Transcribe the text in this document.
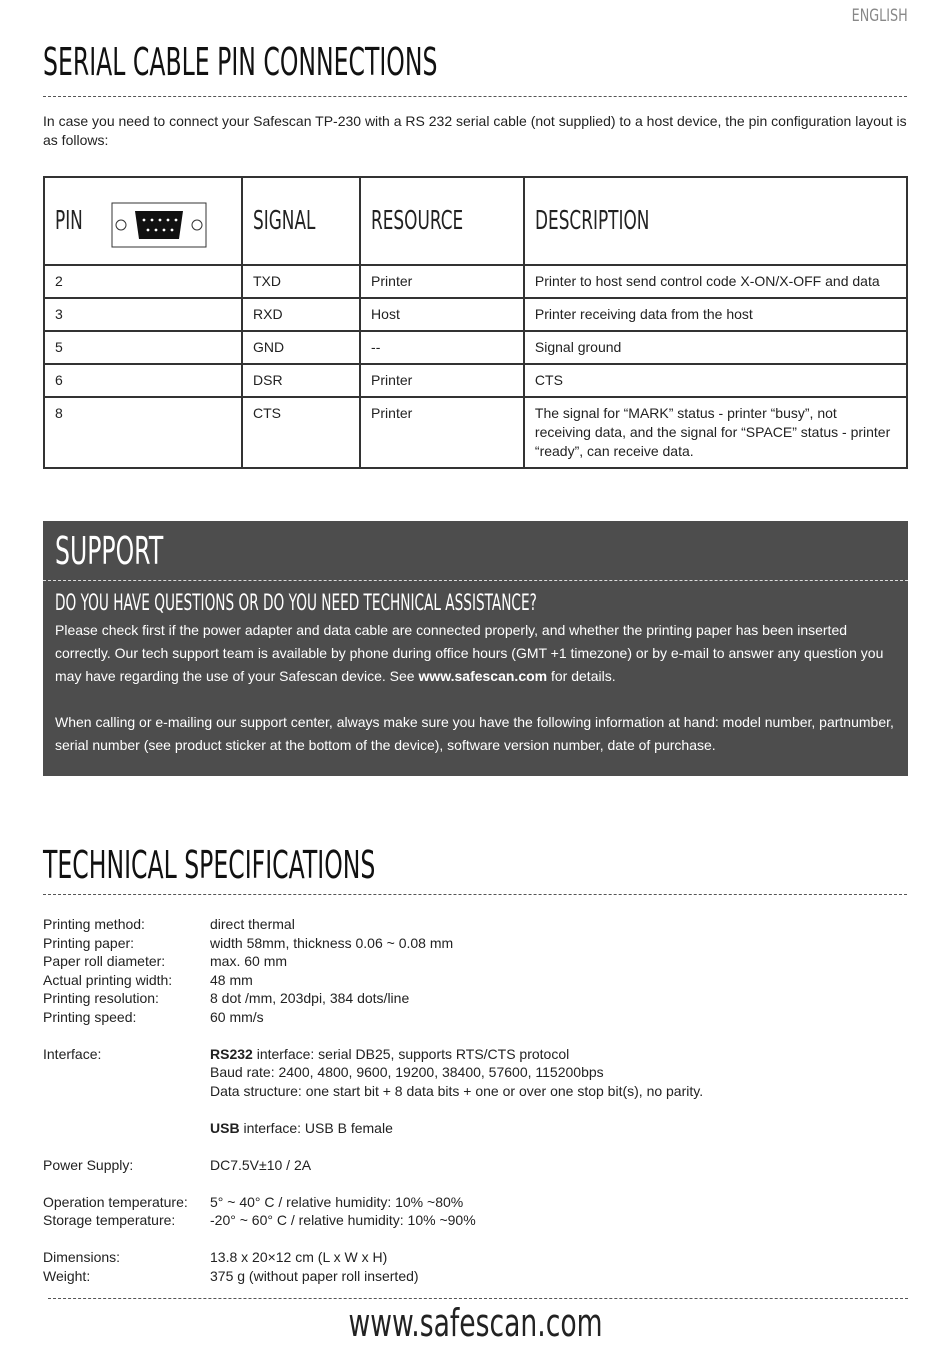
ENGLISH
SERIAL CABLE PIN CONNECTIONS
In case you need to connect your Safescan TP-230 with a RS 232 serial cable (not supplied) to a host device, the pin configuration layout is as follows:
PIN	SIGNAL	RESOURCE	DESCRIPTION
2	TXD	Printer	Printer to host send control code X-ON/X-OFF and data
3	RXD	Host	Printer receiving data from the host
5	GND	--	Signal ground
6	DSR	Printer	CTS
8	CTS	Printer	The signal for “MARK” status - printer “busy”, not receiving data, and the signal for “SPACE” status - printer “ready”, can receive data.
SUPPORT
DO YOU HAVE QUESTIONS OR DO YOU NEED TECHNICAL ASSISTANCE?
Please check first if the power adapter and data cable are connected properly, and whether the printing paper has been inserted correctly. Our tech support team is available by phone during office hours (GMT +1 timezone) or by e-mail to answer any question you may have regarding the use of your Safescan device. See www.safescan.com for details.
When calling or e-mailing our support center, always make sure you have the following information at hand: model number, partnumber, serial number (see product sticker at the bottom of the device), software version number, date of purchase.
TECHNICAL SPECIFICATIONS
Printing method:	direct thermal
Printing paper:	width 58mm, thickness 0.06 ~ 0.08 mm
Paper roll diameter:	max. 60 mm
Actual printing width:	48 mm
Printing resolution:	8 dot /mm, 203dpi, 384 dots/line
Printing speed:	60 mm/s
Interface:	RS232 interface: serial DB25, supports RTS/CTS protocol
Baud rate: 2400, 4800, 9600, 19200, 38400, 57600, 115200bps
Data structure: one start bit + 8 data bits + one or over one stop bit(s), no parity.
USB interface: USB B female
Power Supply:	DC7.5V±10 / 2A
Operation temperature:	5° ~ 40° C / relative humidity: 10% ~80%
Storage temperature:	-20° ~ 60° C / relative humidity: 10% ~90%
Dimensions:	13.8 x 20×12 cm (L x W x H)
Weight:	375 g (without paper roll inserted)
www.safescan.com
